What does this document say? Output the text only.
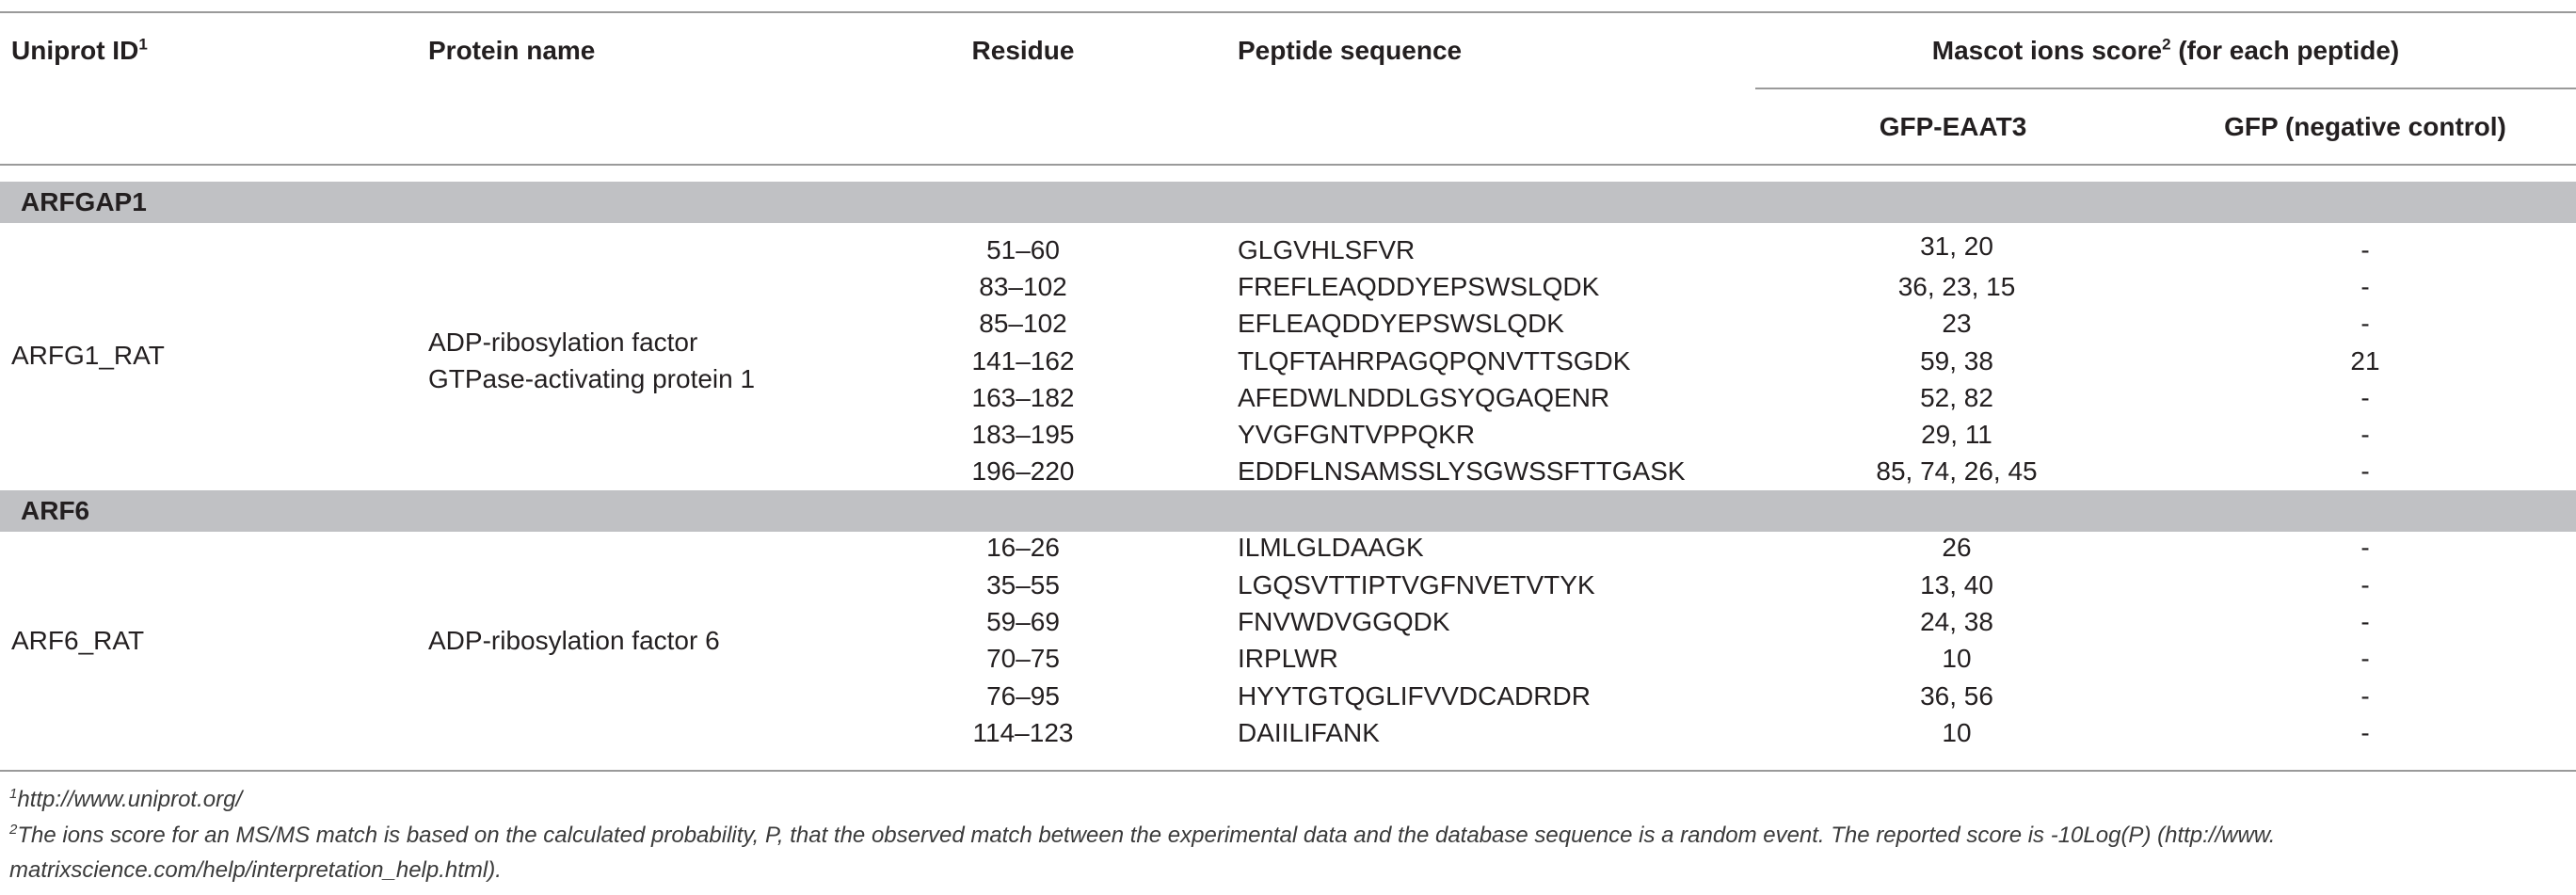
Uniprot $ID^1$	Protein name	Residue	Peptide sequence	Mascot ions score$^2$ (for each peptide)
GFP-EAAT3	GFP (negative control)
ARFGAP1
ARFG1_RAT	ADP-ribosylation factor
GTPase-activating protein 1
51–60	GLGVHLSFVR	31, 20	-
83–102	FREFLEAQDDYEPSWSLQDK	36, 23, 15	-
85–102	EFLEAQDDYEPSWSLQDK	23	-
141–162	TLQFTAHRPAGQPQNVTTSGDK	59, 38	21
163–182	AFEDWLNDDLGSYQGAQENR	52, 82	-
183–195	YVGFGNTVPPQKR	29, 11	-
196–220	EDDFLNSAMSSLYSGWSSFTTGASK	85, 74, 26, 45	-
ARF6
ARF6_RAT	ADP-ribosylation factor 6
16–26	ILMLGLDAAGK	26	-
35–55	LGQSVTTIPTVGFNVETVTYK	13, 40	-
59–69	FNVWDVGGQDK	24, 38	-
70–75	IRPLWR	10	-
76–95	HYYTGTQGLIFVVDCADRDR	36, 56	-
114–123	DAIILIFANK	10	-
$^1$http://www.uniprot.org/
$^2$The ions score for an MS/MS match is based on the calculated probability, P, that the observed match between the experimental data and the database sequence is a random event. The reported score is -10Log(P) (http://www.
matrixscience.com/help/interpretation_help.html).
